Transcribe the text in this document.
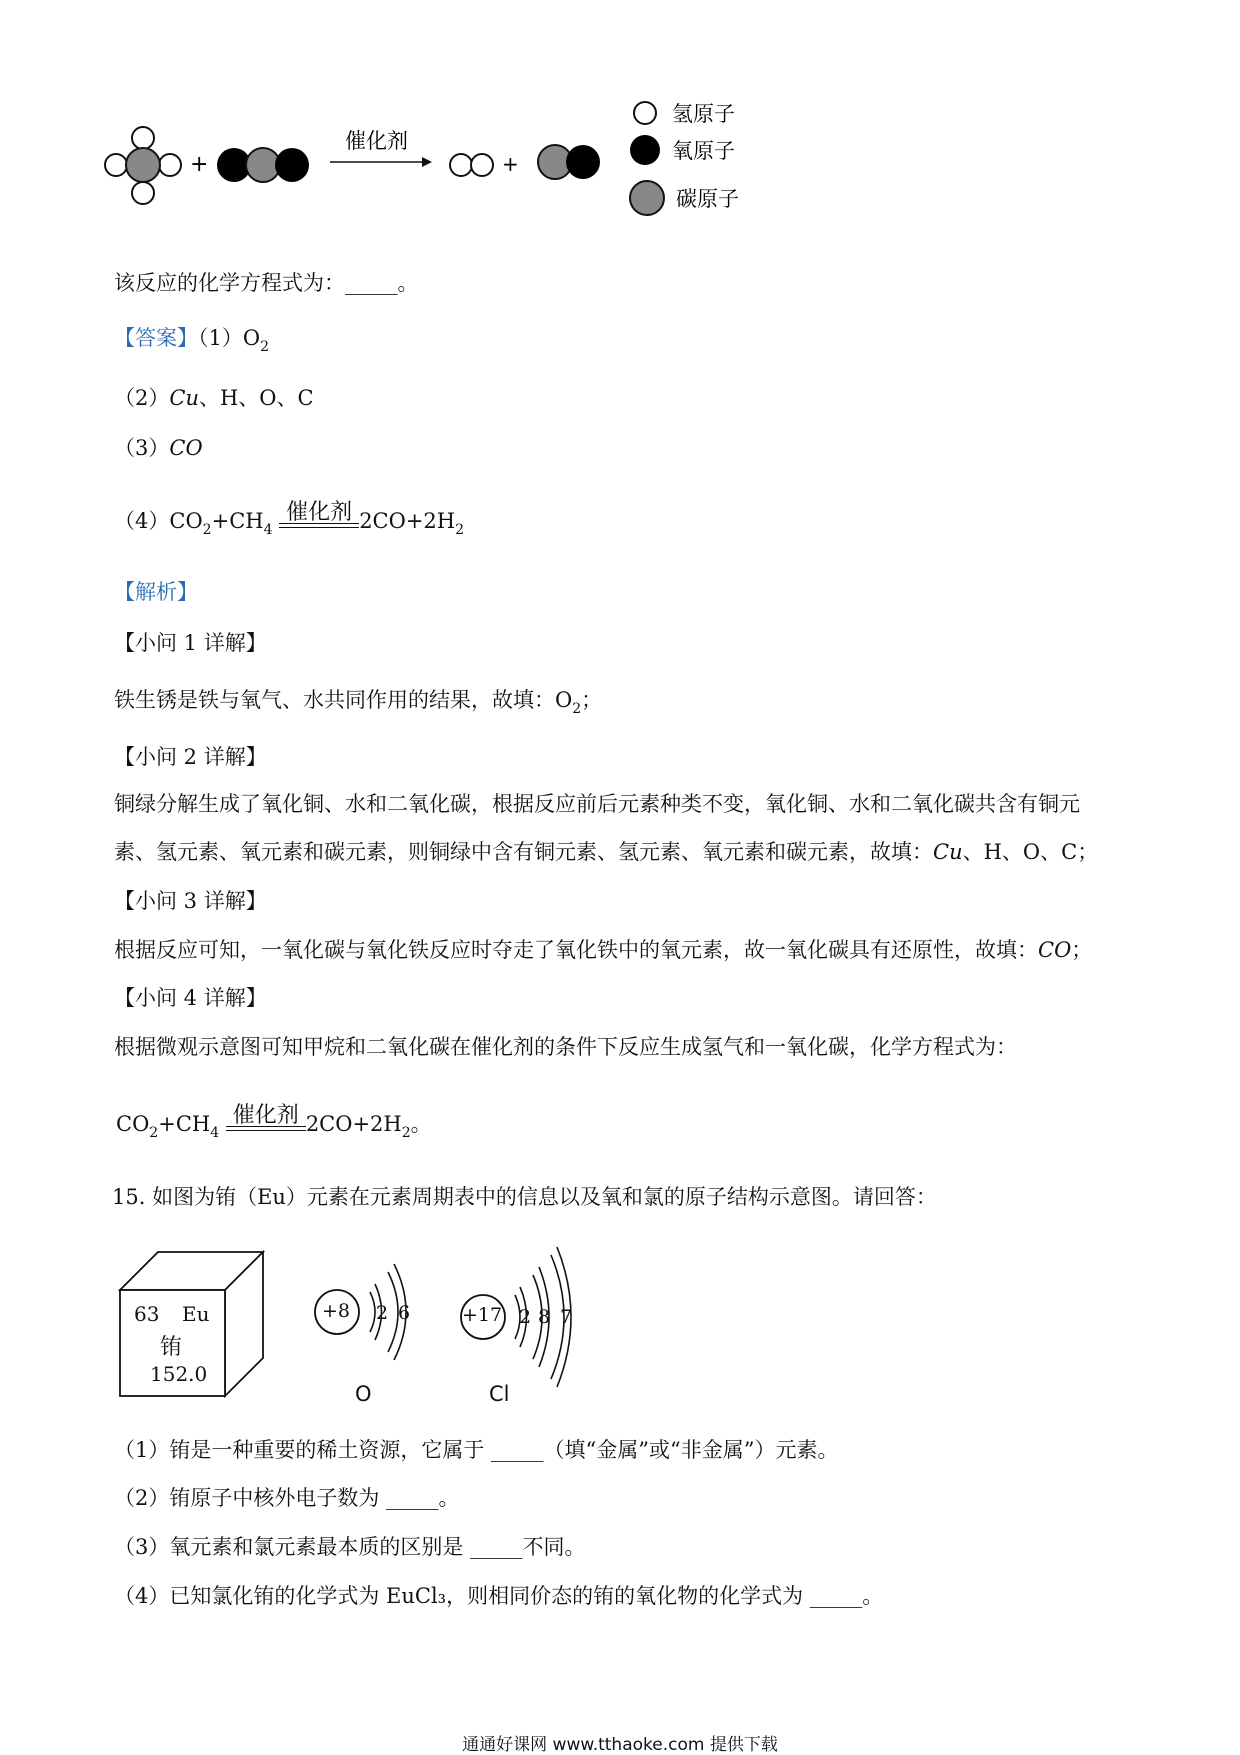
+
催化剂
+
氢原子
氧原子
碳原子
该反应的化学方程式为：_____。
【答案】$(1)O_2$
（2）Cu、H、O、C
（3）CO
$(4)CO_2+CH_4$
催化剂 $2CO+2H_2$
【解析】
【小问 1 详解】
铁生锈是铁与氧气、水共同作用的结果，故填：$O_2$；
【小问 2 详解】
铜绿分解生成了氧化铜、水和二氧化碳，根据反应前后元素种类不变，氧化铜、水和二氧化碳共含有铜元
素、氢元素、氧元素和碳元素，则铜绿中含有铜元素、氢元素、氧元素和碳元素，故填：Cu、H、O、C；
【小问 3 详解】
根据反应可知，一氧化碳与氧化铁反应时夺走了氧化铁中的氧元素，故一氧化碳具有还原性，故填：CO；
【小问 4 详解】
根据微观示意图可知甲烷和二氧化碳在催化剂的条件下反应生成氢气和一氧化碳，化学方程式为：
$CO_2+CH_4$
催化剂 $2CO+2H_2$。
15. 如图为铕（Eu）元素在元素周期表中的信息以及氧和氯的原子结构示意图。请回答：
63 Eu
铕
152.0
+8 2 6
O
+17 2 8 7
Cl
（1）铕是一种重要的稀土资源，它属于 _____（填“金属”或“非金属”）元素。
（2）铕原子中核外电子数为 _____。
（3）氧元素和氯元素最本质的区别是 _____不同。
（4）已知氯化铕的化学式为 EuCl₃，则相同价态的铕的氧化物的化学式为 _____。
通通好课网 www.tthaoke.com 提供下载
